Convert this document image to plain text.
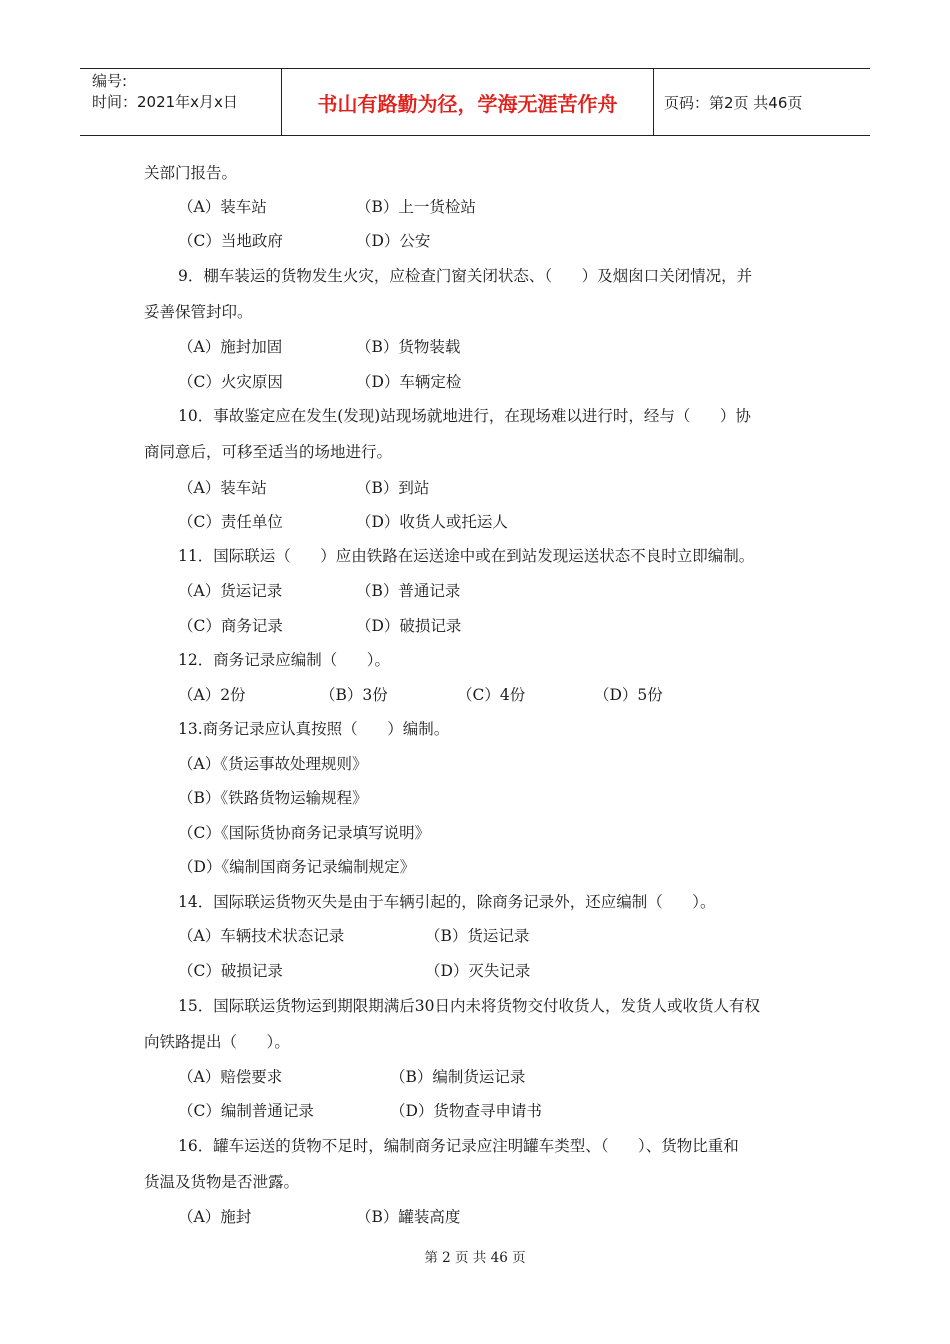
编号:
时间：2021年x月x日	书山有路勤为径，学海无涯苦作舟	页码：第2页 共46页
关部门报告。
（A）装车站	（B）上一货检站
（C）当地政府	（D）公安
9．棚车装运的货物发生火灾，应检查门窗关闭状态、（      ）及烟囱口关闭情况，并
妥善保管封印。
（A）施封加固	（B）货物装载
（C）火灾原因	（D）车辆定检
10．事故鉴定应在发生(发现)站现场就地进行，在现场难以进行时，经与（      ）协
商同意后，可移至适当的场地进行。
（A）装车站	（B）到站
（C）责任单位	（D）收货人或托运人
11．国际联运（      ）应由铁路在运送途中或在到站发现运送状态不良时立即编制。
（A）货运记录	（B）普通记录
（C）商务记录	（D）破损记录
12．商务记录应编制（      ）。
（A）2份	（B）3份	（C）4份	（D）5份
13.商务记录应认真按照（      ）编制。
（A）《货运事故处理规则》
（B）《铁路货物运输规程》
（C）《国际货协商务记录填写说明》
（D）《编制国商务记录编制规定》
14．国际联运货物灭失是由于车辆引起的，除商务记录外，还应编制（      ）。
（A）车辆技术状态记录	（B）货运记录
（C）破损记录	（D）灭失记录
15．国际联运货物运到期限期满后30日内未将货物交付收货人，发货人或收货人有权
向铁路提出（      ）。
（A）赔偿要求	（B）编制货运记录
（C）编制普通记录	（D）货物查寻申请书
16．罐车运送的货物不足时，编制商务记录应注明罐车类型、（      ）、货物比重和
货温及货物是否泄露。
（A）施封	（B）罐装高度
第 2 页 共 46 页
